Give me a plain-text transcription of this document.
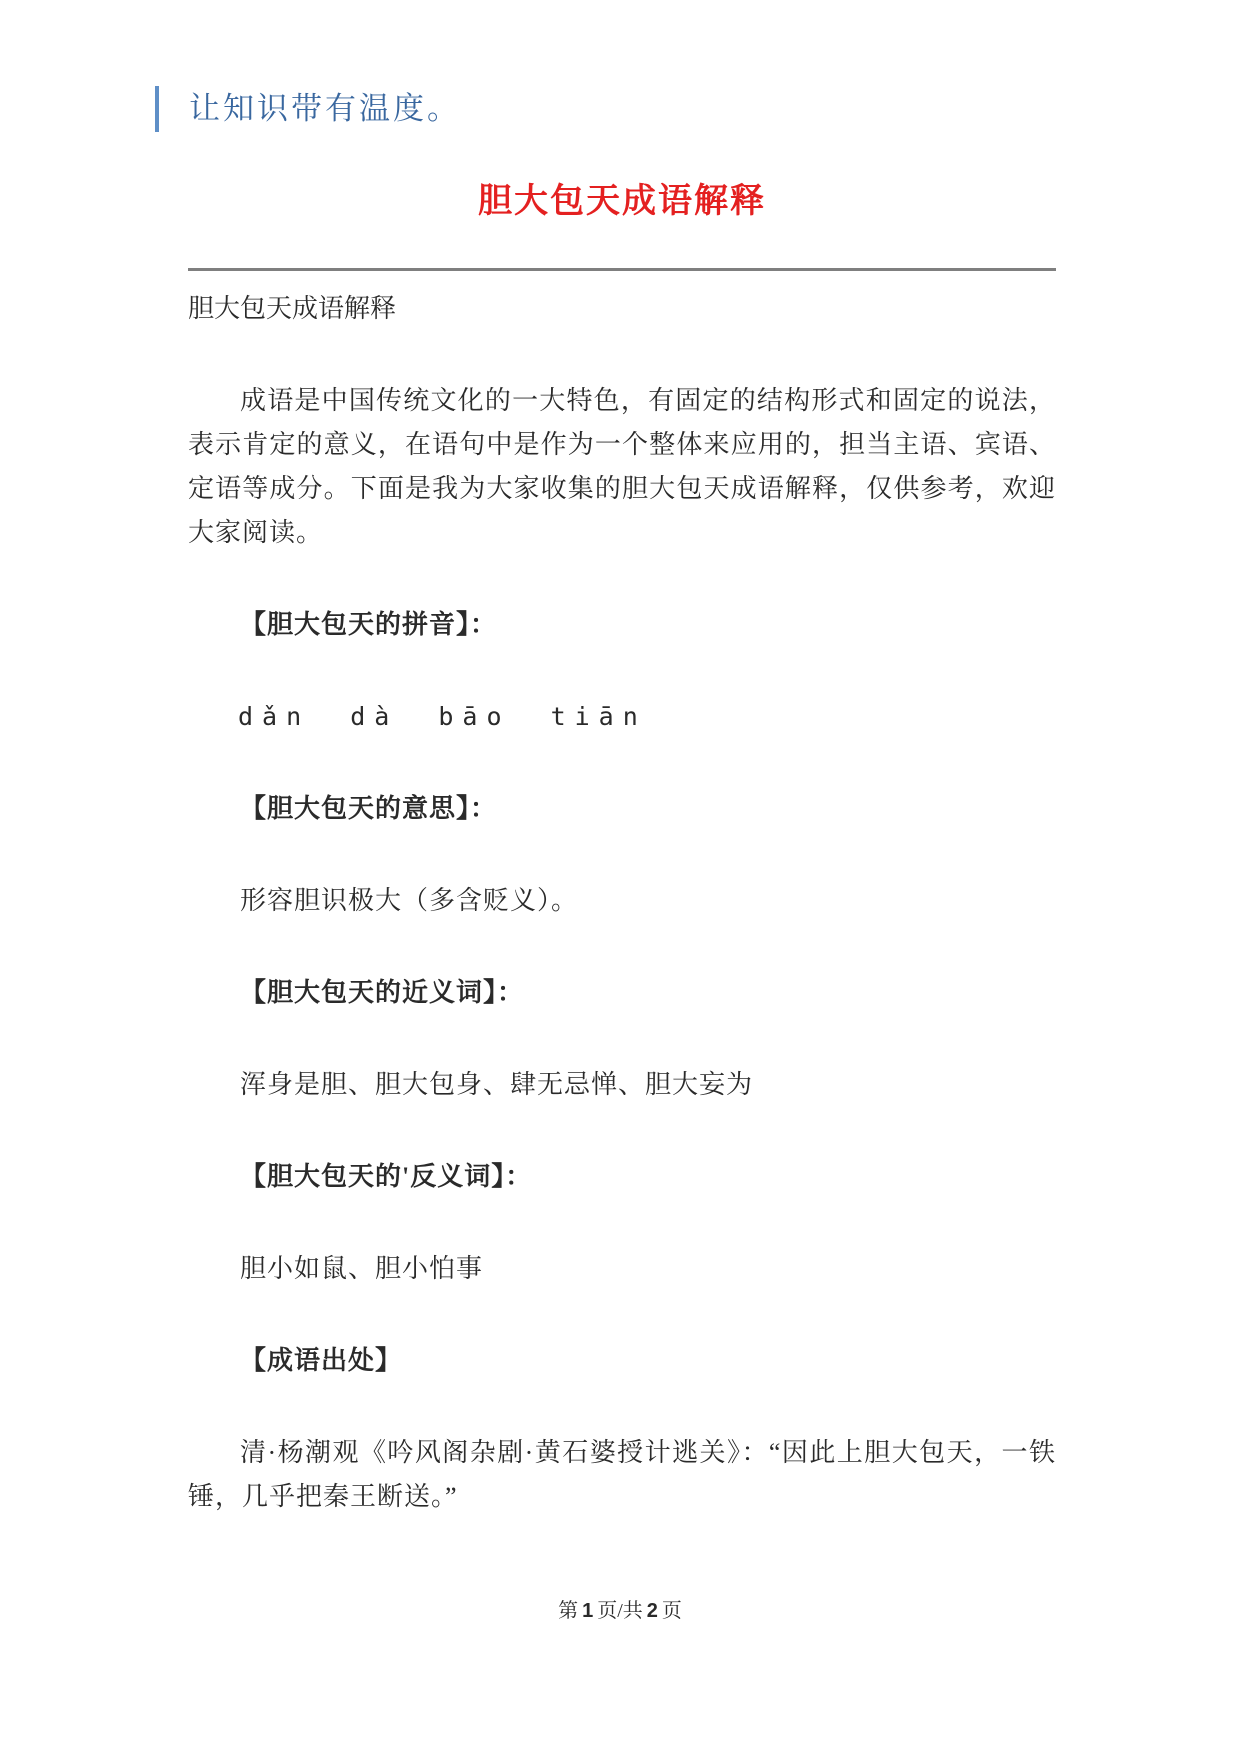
让知识带有温度。
胆大包天成语解释
胆大包天成语解释
成语是中国传统文化的一大特色，有固定的结构形式和固定的说法，表示肯定的意义，在语句中是作为一个整体来应用的，担当主语、宾语、定语等成分。下面是我为大家收集的胆大包天成语解释，仅供参考，欢迎大家阅读。
【胆大包天的拼音】：
dǎn dà bāo tiān
【胆大包天的意思】：
形容胆识极大（多含贬义）。
【胆大包天的近义词】：
浑身是胆、胆大包身、肆无忌惮、胆大妄为
【胆大包天的'反义词】：
胆小如鼠、胆小怕事
【成语出处】
清·杨潮观《吟风阁杂剧·黄石婆授计逃关》：“因此上胆大包天，一铁锤，几乎把秦王断送。”
第 1 页/共 2 页
